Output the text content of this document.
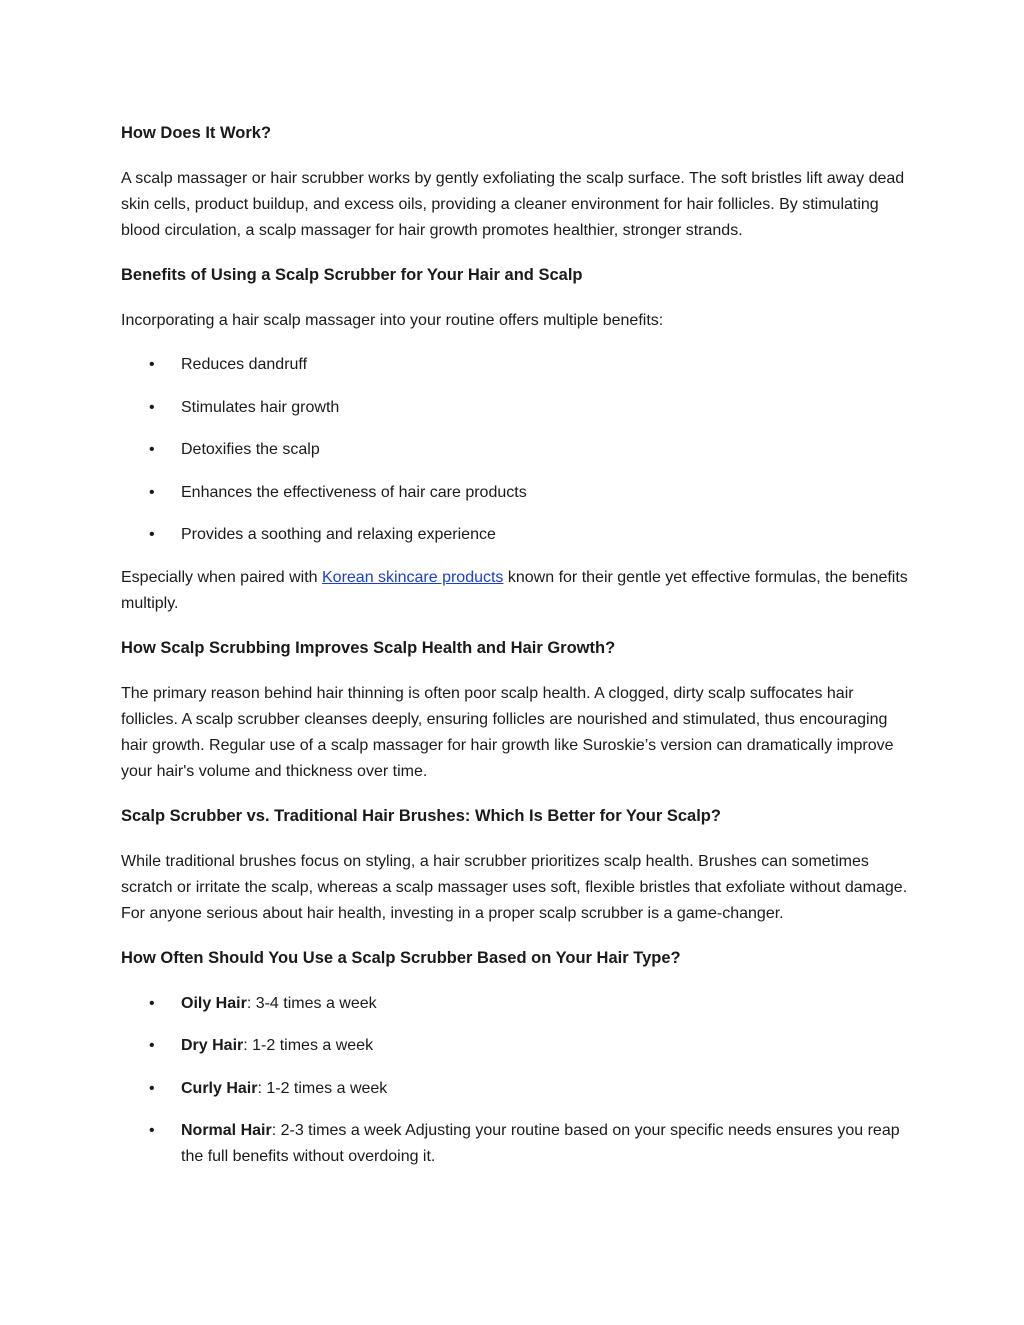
How Does It Work?

A scalp massager or hair scrubber works by gently exfoliating the scalp surface. The soft bristles lift away dead skin cells, product buildup, and excess oils, providing a cleaner environment for hair follicles. By stimulating blood circulation, a scalp massager for hair growth promotes healthier, stronger strands.

Benefits of Using a Scalp Scrubber for Your Hair and Scalp

Incorporating a hair scalp massager into your routine offers multiple benefits:

• Reduces dandruff
• Stimulates hair growth
• Detoxifies the scalp
• Enhances the effectiveness of hair care products
• Provides a soothing and relaxing experience

Especially when paired with Korean skincare products known for their gentle yet effective formulas, the benefits multiply.

How Scalp Scrubbing Improves Scalp Health and Hair Growth?

The primary reason behind hair thinning is often poor scalp health. A clogged, dirty scalp suffocates hair follicles. A scalp scrubber cleanses deeply, ensuring follicles are nourished and stimulated, thus encouraging hair growth. Regular use of a scalp massager for hair growth like Suroskie’s version can dramatically improve your hair's volume and thickness over time.

Scalp Scrubber vs. Traditional Hair Brushes: Which Is Better for Your Scalp?

While traditional brushes focus on styling, a hair scrubber prioritizes scalp health. Brushes can sometimes scratch or irritate the scalp, whereas a scalp massager uses soft, flexible bristles that exfoliate without damage. For anyone serious about hair health, investing in a proper scalp scrubber is a game-changer.

How Often Should You Use a Scalp Scrubber Based on Your Hair Type?
• Oily Hair: 3-4 times a week
• Dry Hair: 1-2 times a week
• Curly Hair: 1-2 times a week
• Normal Hair: 2-3 times a week Adjusting your routine based on your specific needs ensures you reap the full benefits without overdoing it.
